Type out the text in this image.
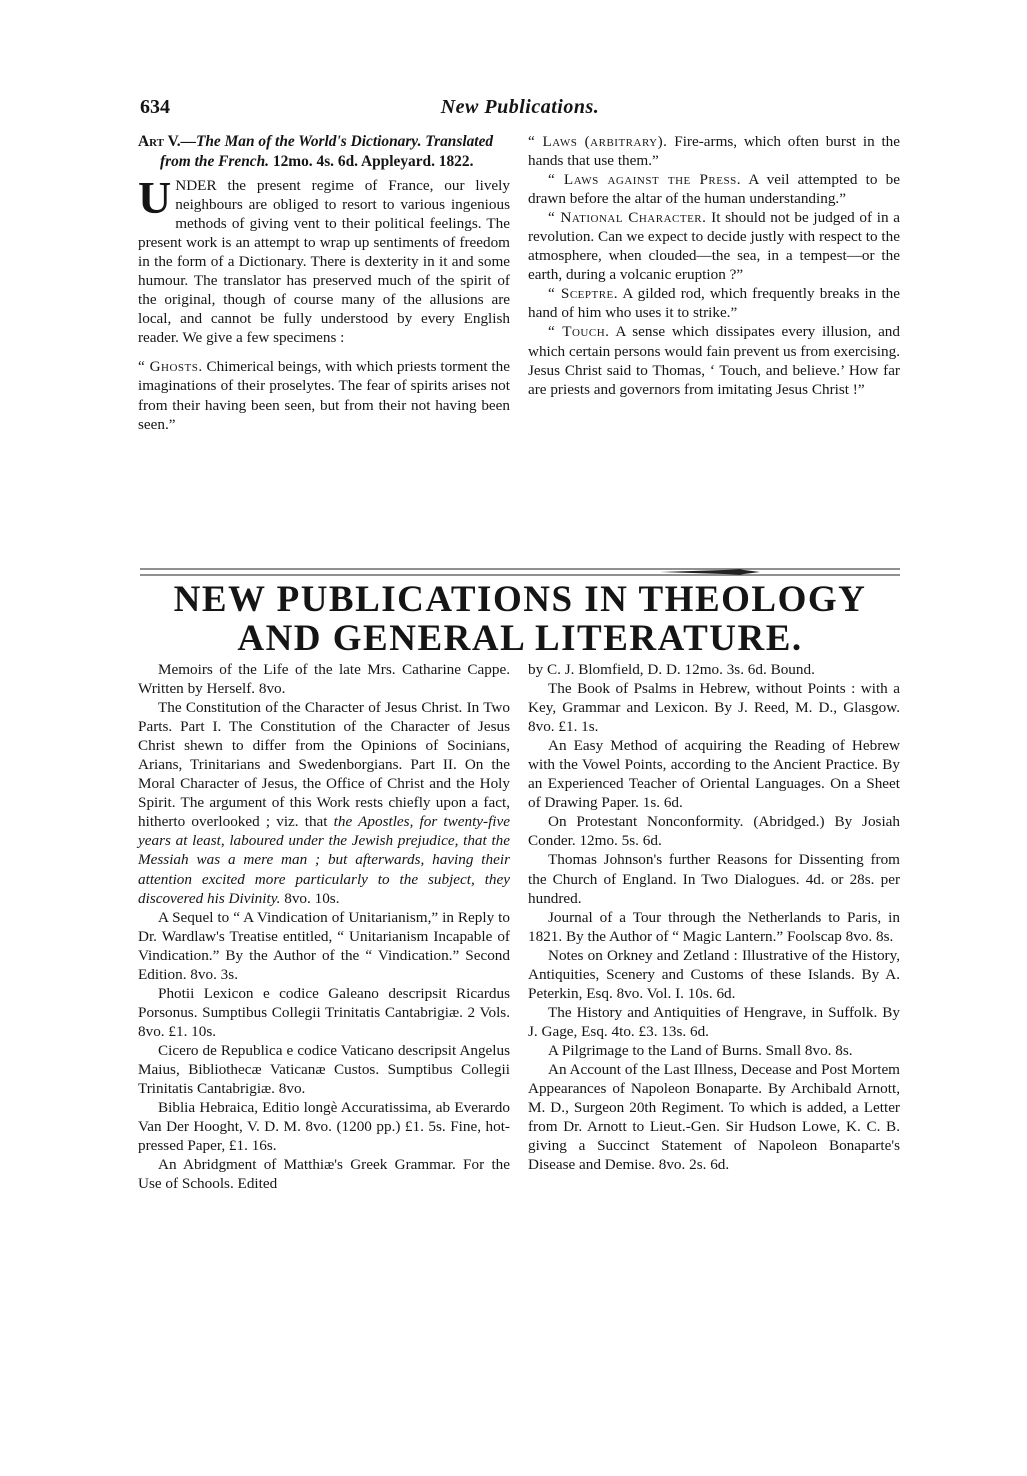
634	New Publications.

Art V.—The Man of the World's Dictionary. Translated from the French. 12mo. 4s. 6d. Appleyard. 1822.

UNDER the present regime of France, our lively neighbours are obliged to resort to various ingenious methods of giving vent to their political feelings. The present work is an attempt to wrap up sentiments of freedom in the form of a Dictionary. There is dexterity in it and some humour. The translator has preserved much of the spirit of the original, though of course many of the allusions are local, and cannot be fully understood by every English reader. We give a few specimens :

“ Ghosts. Chimerical beings, with which priests torment the imaginations of their proselytes. The fear of spirits arises not from their having been seen, but from their not having been seen.”

“ Laws (arbitrary). Fire-arms, which often burst in the hands that use them.”

“ Laws against the Press. A veil attempted to be drawn before the altar of the human understanding.”

“ National Character. It should not be judged of in a revolution. Can we expect to decide justly with respect to the atmosphere, when clouded—the sea, in a tempest—or the earth, during a volcanic eruption ?”

“ Sceptre. A gilded rod, which frequently breaks in the hand of him who uses it to strike.”

“ Touch. A sense which dissipates every illusion, and which certain persons would fain prevent us from exercising. Jesus Christ said to Thomas, ‘ Touch, and believe.’ How far are priests and governors from imitating Jesus Christ !”

NEW PUBLICATIONS IN THEOLOGY AND GENERAL LITERATURE.

Memoirs of the Life of the late Mrs. Catharine Cappe. Written by Herself. 8vo.

The Constitution of the Character of Jesus Christ. In Two Parts. Part I. The Constitution of the Character of Jesus Christ shewn to differ from the Opinions of Socinians, Arians, Trinitarians and Swedenborgians. Part II. On the Moral Character of Jesus, the Office of Christ and the Holy Spirit. The argument of this Work rests chiefly upon a fact, hitherto overlooked ; viz. that the Apostles, for twenty-five years at least, laboured under the Jewish prejudice, that the Messiah was a mere man ; but afterwards, having their attention excited more particularly to the subject, they discovered his Divinity. 8vo. 10s.

A Sequel to “ A Vindication of Unitarianism,” in Reply to Dr. Wardlaw's Treatise entitled, “ Unitarianism Incapable of Vindication.” By the Author of the “ Vindication.” Second Edition. 8vo. 3s.

Photii Lexicon e codice Galeano descripsit Ricardus Porsonus. Sumptibus Collegii Trinitatis Cantabrigiæ. 2 Vols. 8vo. £1. 10s.

Cicero de Republica e codice Vaticano descripsit Angelus Maius, Bibliothecæ Vaticanæ Custos. Sumptibus Collegii Trinitatis Cantabrigiæ. 8vo.

Biblia Hebraica, Editio longè Accuratissima, ab Everardo Van Der Hooght, V. D. M. 8vo. (1200 pp.) £1. 5s. Fine, hot-pressed Paper, £1. 16s.

An Abridgment of Matthiæ's Greek Grammar. For the Use of Schools. Edited

by C. J. Blomfield, D. D. 12mo. 3s. 6d. Bound.

The Book of Psalms in Hebrew, without Points : with a Key, Grammar and Lexicon. By J. Reed, M. D., Glasgow. 8vo. £1. 1s.

An Easy Method of acquiring the Reading of Hebrew with the Vowel Points, according to the Ancient Practice. By an Experienced Teacher of Oriental Languages. On a Sheet of Drawing Paper. 1s. 6d.

On Protestant Nonconformity. (Abridged.) By Josiah Conder. 12mo. 5s. 6d.

Thomas Johnson's further Reasons for Dissenting from the Church of England. In Two Dialogues. 4d. or 28s. per hundred.

Journal of a Tour through the Netherlands to Paris, in 1821. By the Author of “ Magic Lantern.” Foolscap 8vo. 8s.

Notes on Orkney and Zetland : Illustrative of the History, Antiquities, Scenery and Customs of these Islands. By A. Peterkin, Esq. 8vo. Vol. I. 10s. 6d.

The History and Antiquities of Hengrave, in Suffolk. By J. Gage, Esq. 4to. £3. 13s. 6d.

A Pilgrimage to the Land of Burns. Small 8vo. 8s.

An Account of the Last Illness, Decease and Post Mortem Appearances of Napoleon Bonaparte. By Archibald Arnott, M. D., Surgeon 20th Regiment. To which is added, a Letter from Dr. Arnott to Lieut.-Gen. Sir Hudson Lowe, K. C. B. giving a Succinct Statement of Napoleon Bonaparte's Disease and Demise. 8vo. 2s. 6d.
